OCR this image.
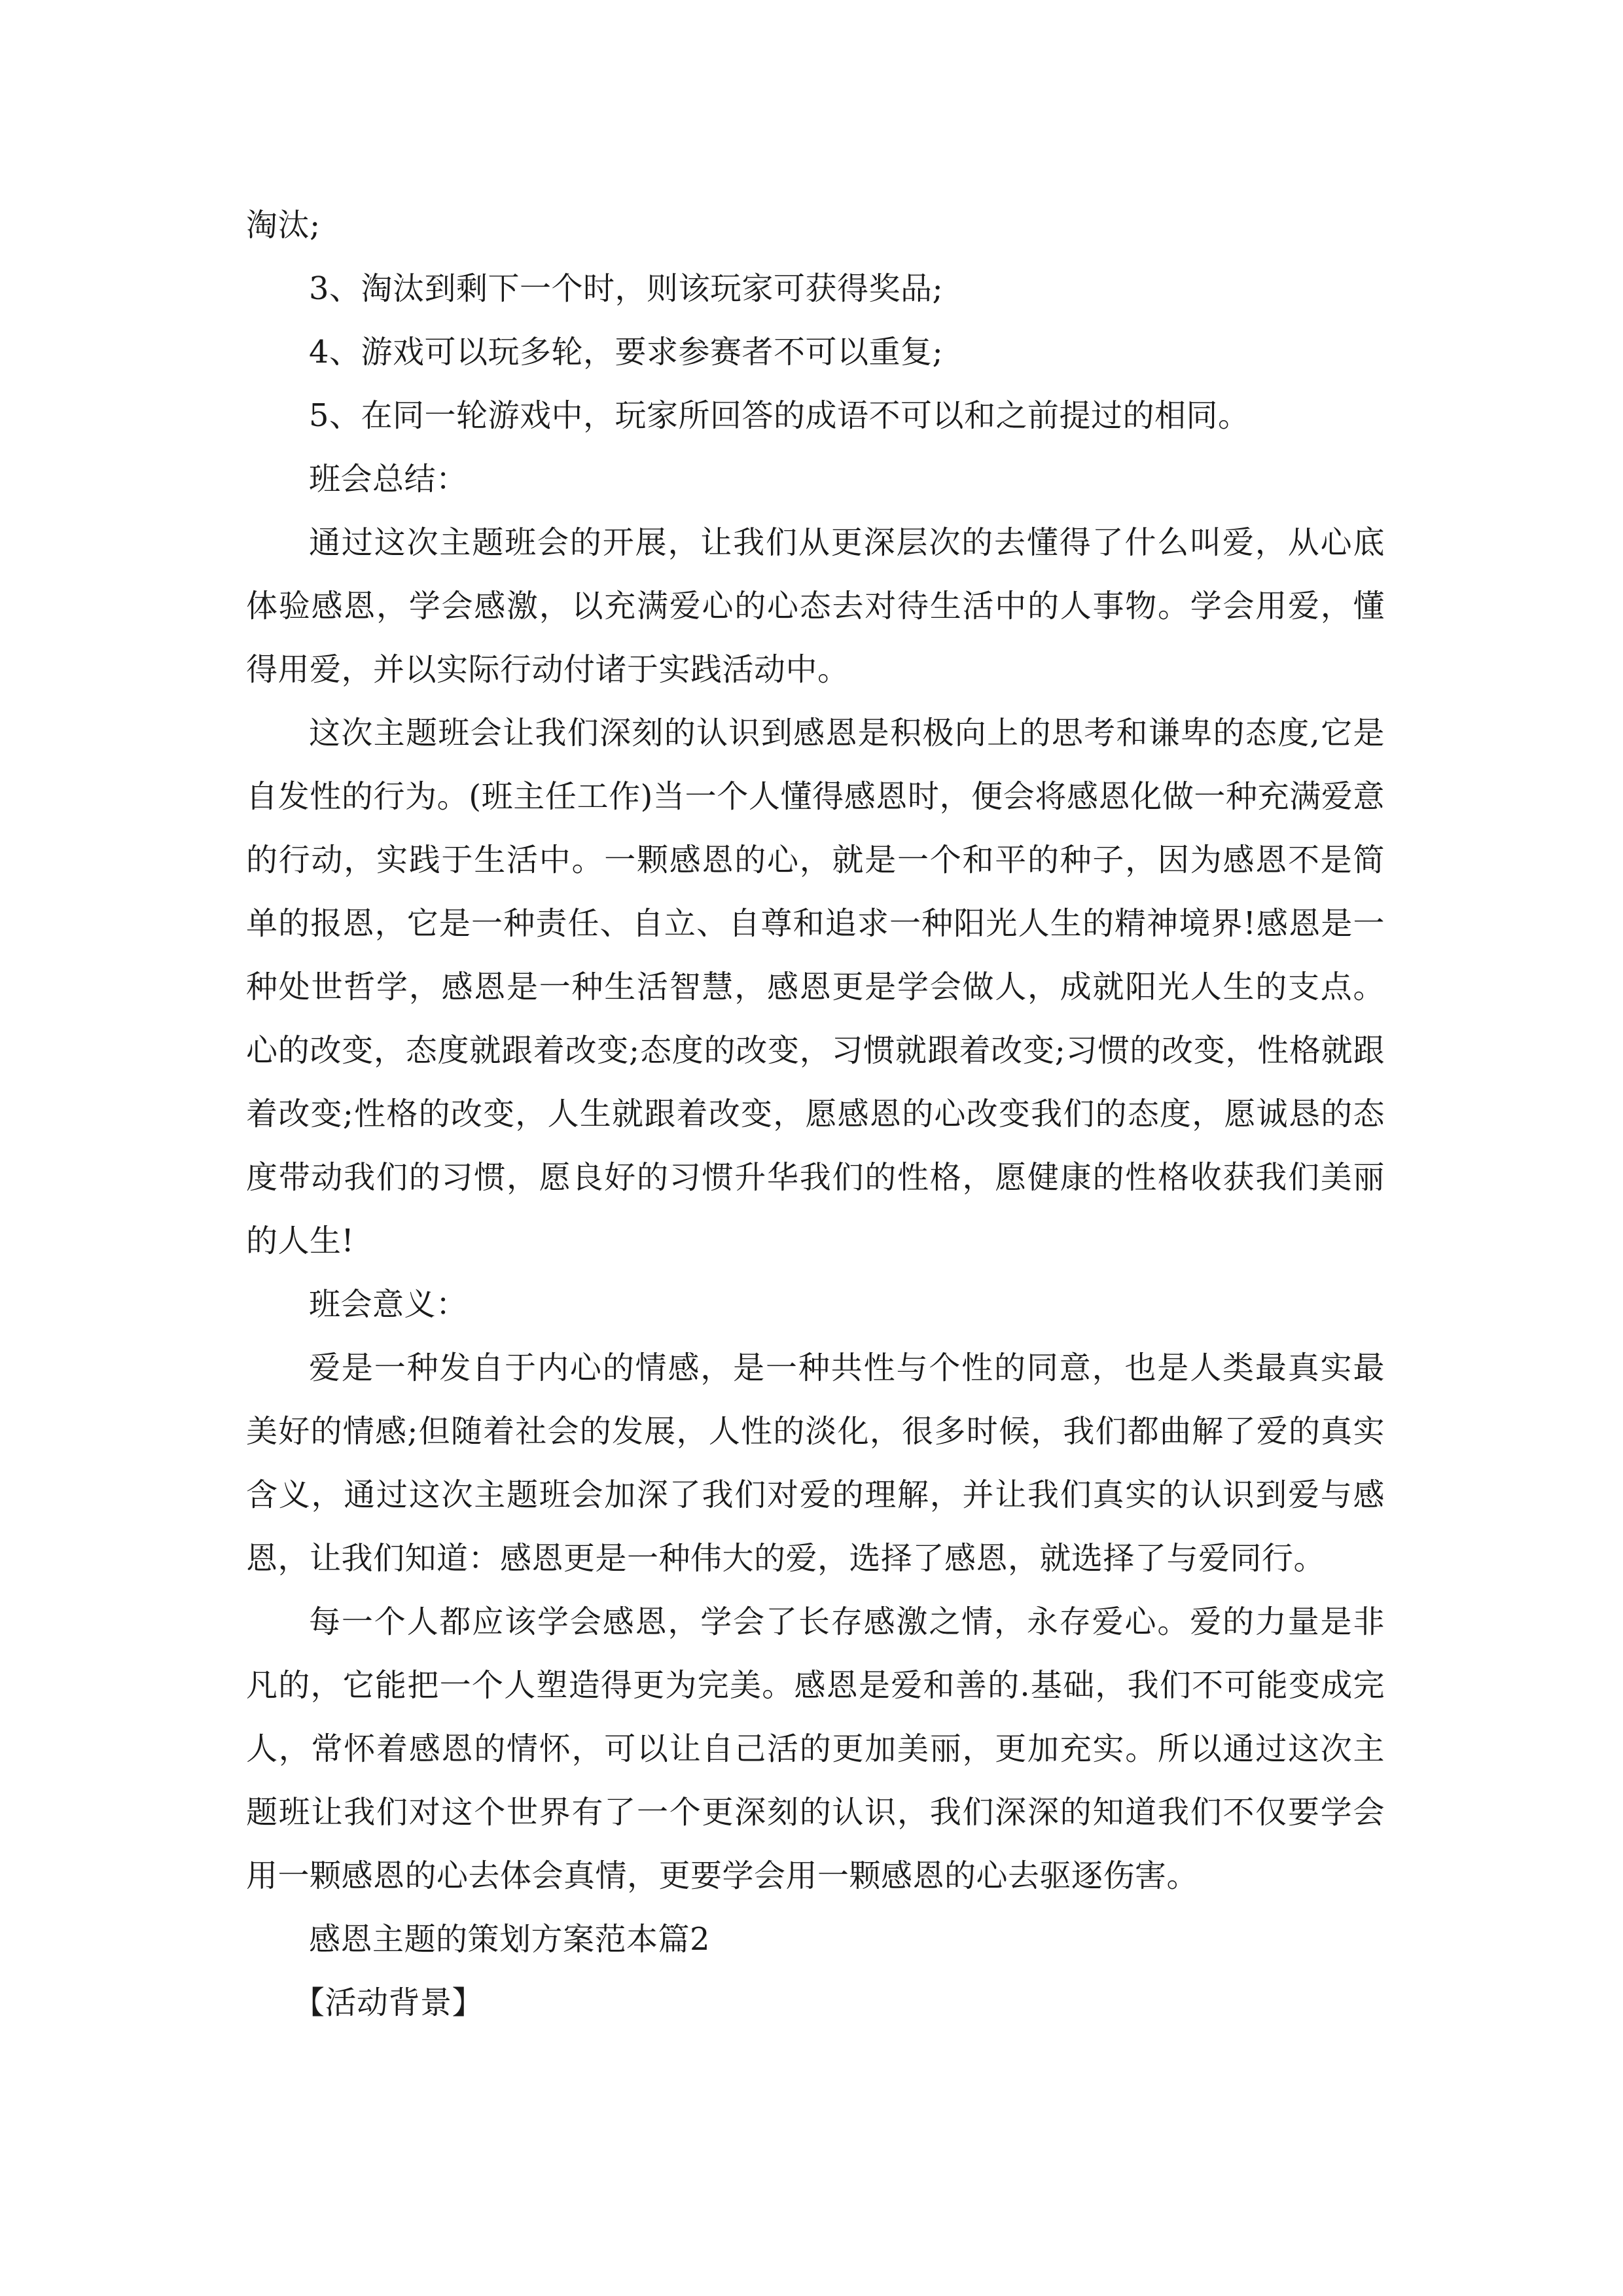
淘汰;

3、淘汰到剩下一个时，则该玩家可获得奖品;

4、游戏可以玩多轮，要求参赛者不可以重复;

5、在同一轮游戏中，玩家所回答的成语不可以和之前提过的相同。

班会总结：

通过这次主题班会的开展，让我们从更深层次的去懂得了什么叫爱，从心底体验感恩，学会感激，以充满爱心的心态去对待生活中的人事物。学会用爱，懂得用爱，并以实际行动付诸于实践活动中。

这次主题班会让我们深刻的认识到感恩是积极向上的思考和谦卑的态度,它是自发性的行为。(班主任工作)当一个人懂得感恩时，便会将感恩化做一种充满爱意的行动，实践于生活中。一颗感恩的心，就是一个和平的种子，因为感恩不是简单的报恩，它是一种责任、自立、自尊和追求一种阳光人生的精神境界!感恩是一种处世哲学，感恩是一种生活智慧，感恩更是学会做人，成就阳光人生的支点。心的改变，态度就跟着改变;态度的改变，习惯就跟着改变;习惯的改变，性格就跟着改变;性格的改变，人生就跟着改变，愿感恩的心改变我们的态度，愿诚恳的态度带动我们的习惯，愿良好的习惯升华我们的性格，愿健康的性格收获我们美丽的人生!

班会意义：

爱是一种发自于内心的情感，是一种共性与个性的同意，也是人类最真实最美好的情感;但随着社会的发展，人性的淡化，很多时候，我们都曲解了爱的真实含义，通过这次主题班会加深了我们对爱的理解，并让我们真实的认识到爱与感恩，让我们知道：感恩更是一种伟大的爱，选择了感恩，就选择了与爱同行。

每一个人都应该学会感恩，学会了长存感激之情，永存爱心。爱的力量是非凡的，它能把一个人塑造得更为完美。感恩是爱和善的.基础，我们不可能变成完人，常怀着感恩的情怀，可以让自己活的更加美丽，更加充实。所以通过这次主题班让我们对这个世界有了一个更深刻的认识，我们深深的知道我们不仅要学会用一颗感恩的心去体会真情，更要学会用一颗感恩的心去驱逐伤害。

感恩主题的策划方案范本篇2

【活动背景】
